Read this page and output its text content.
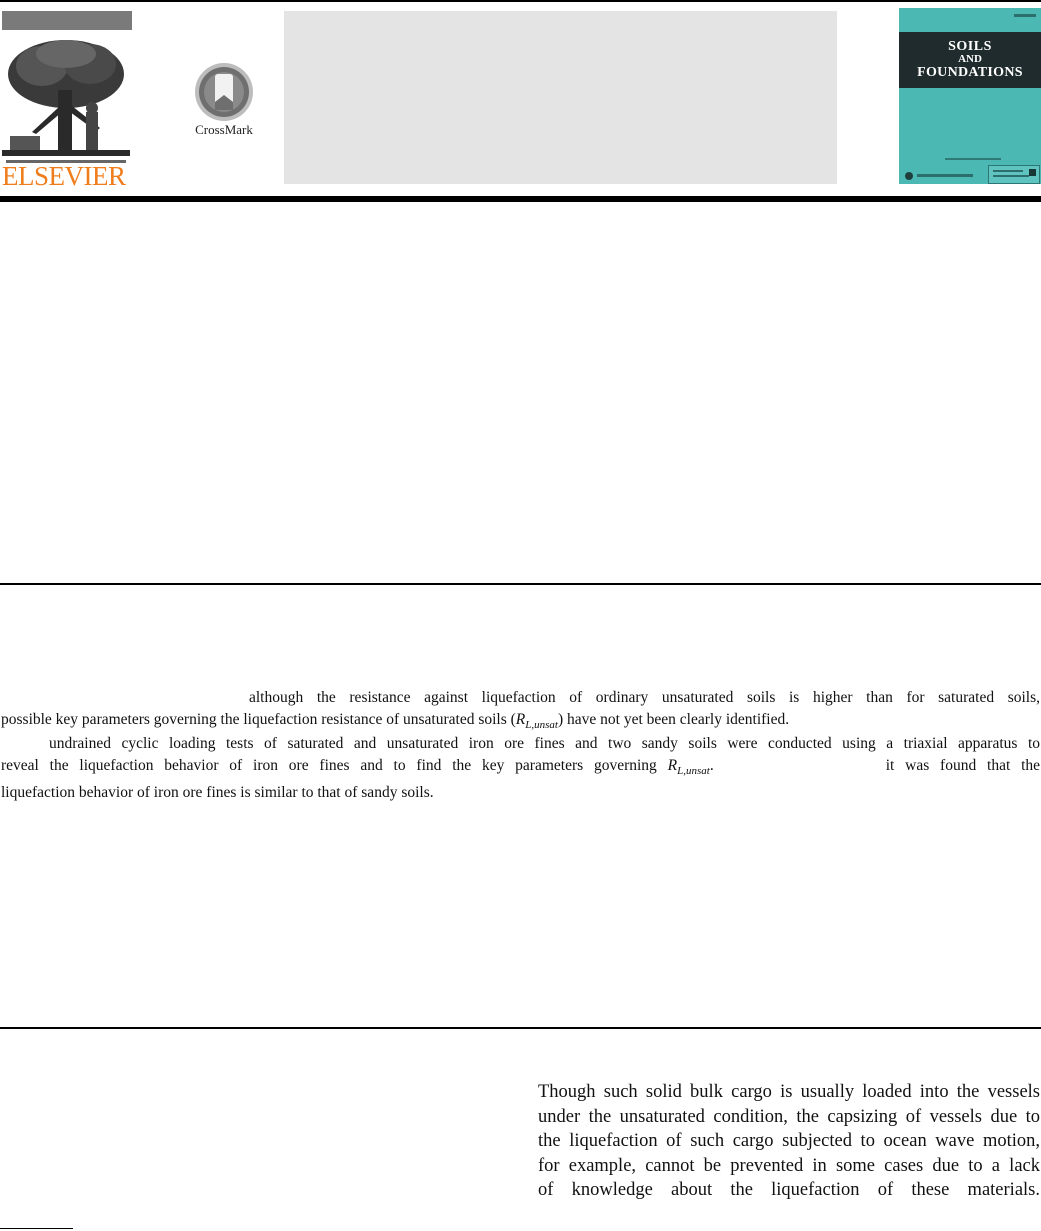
ELSEVIER
CrossMark
SOILS
AND
FOUNDATIONS
although the resistance against liquefaction of ordinary unsaturated soils is higher than for saturated soils,
possible key parameters governing the liquefaction resistance of unsaturated soils $(R_{L,unsat})$ have not yet been clearly identified.
undrained cyclic loading tests of saturated and unsaturated iron ore fines and two sandy soils were conducted using a triaxial apparatus to
reveal the liquefaction behavior of iron ore fines and to find the key parameters governing $R_{L,unsat}$.	it was found that the
liquefaction behavior of iron ore fines is similar to that of sandy soils.
Though such solid bulk cargo is usually loaded into the vessels
under the unsaturated condition, the capsizing of vessels due to
the liquefaction of such cargo subjected to ocean wave motion,
for example, cannot be prevented in some cases due to a lack
of knowledge about the liquefaction of these materials.
